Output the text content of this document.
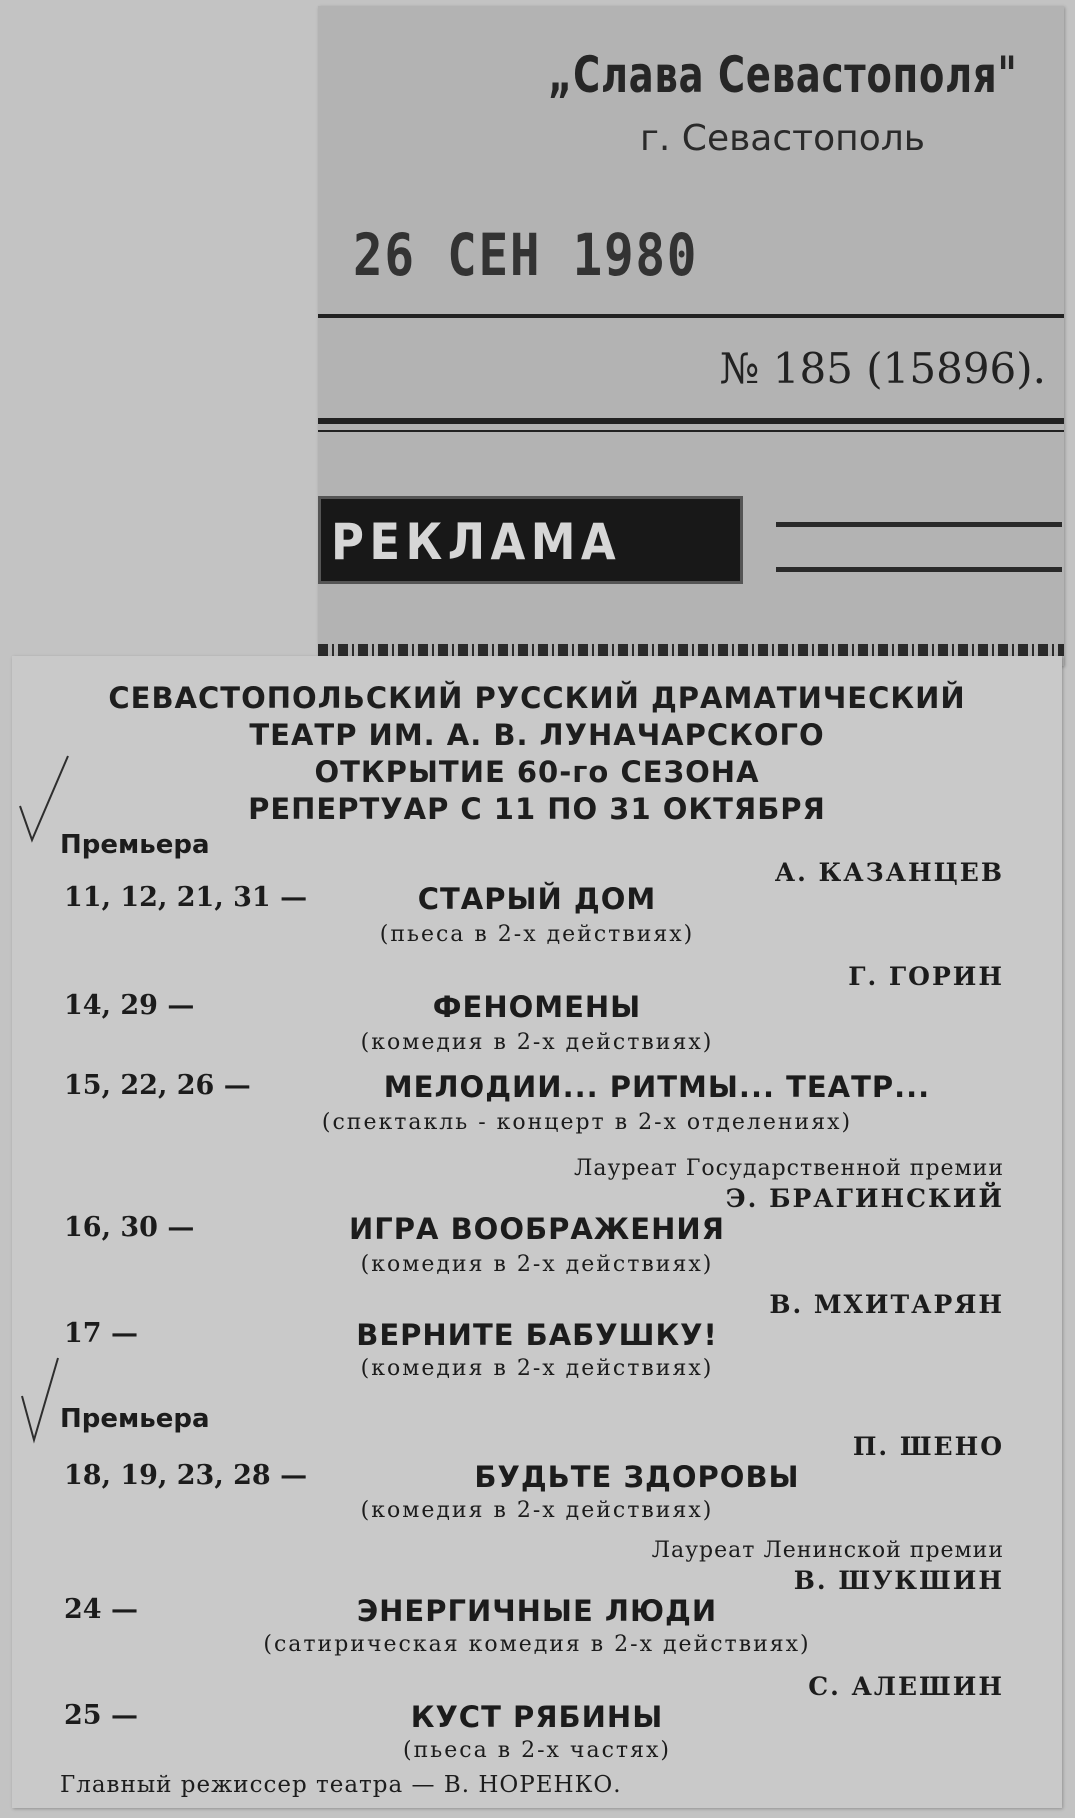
„Слава Севастополя"
г. Севастополь
26 СЕН 1980
№ 185 (15896).
РЕКЛАМА
СЕВАСТОПОЛЬСКИЙ РУССКИЙ ДРАМАТИЧЕСКИЙ
ТЕАТР ИМ. А. В. ЛУНАЧАРСКОГО
ОТКРЫТИЕ 60-го СЕЗОНА
РЕПЕРТУАР С 11 ПО 31 ОКТЯБРЯ
Премьера
А. КАЗАНЦЕВ
11, 12, 21, 31 —	СТАРЫЙ ДОМ
(пьеса в 2-х действиях)
Г. ГОРИН
14, 29 —	ФЕНОМЕНЫ
(комедия в 2-х действиях)
15, 22, 26 —	МЕЛОДИИ... РИТМЫ... ТЕАТР...
(спектакль - концерт в 2-х отделениях)
Лауреат Государственной премии
Э. БРАГИНСКИЙ
16, 30 —	ИГРА ВООБРАЖЕНИЯ
(комедия в 2-х действиях)
В. МХИТАРЯН
17 —	ВЕРНИТЕ БАБУШКУ!
(комедия в 2-х действиях)
Премьера
П. ШЕНО
18, 19, 23, 28 —	БУДЬТЕ ЗДОРОВЫ
(комедия в 2-х действиях)
Лауреат Ленинской премии
В. ШУКШИН
24 —	ЭНЕРГИЧНЫЕ ЛЮДИ
(сатирическая комедия в 2-х действиях)
С. АЛЕШИН
25 —	КУСТ РЯБИНЫ
(пьеса в 2-х частях)
Главный режиссер театра — В. НОРЕНКО.
